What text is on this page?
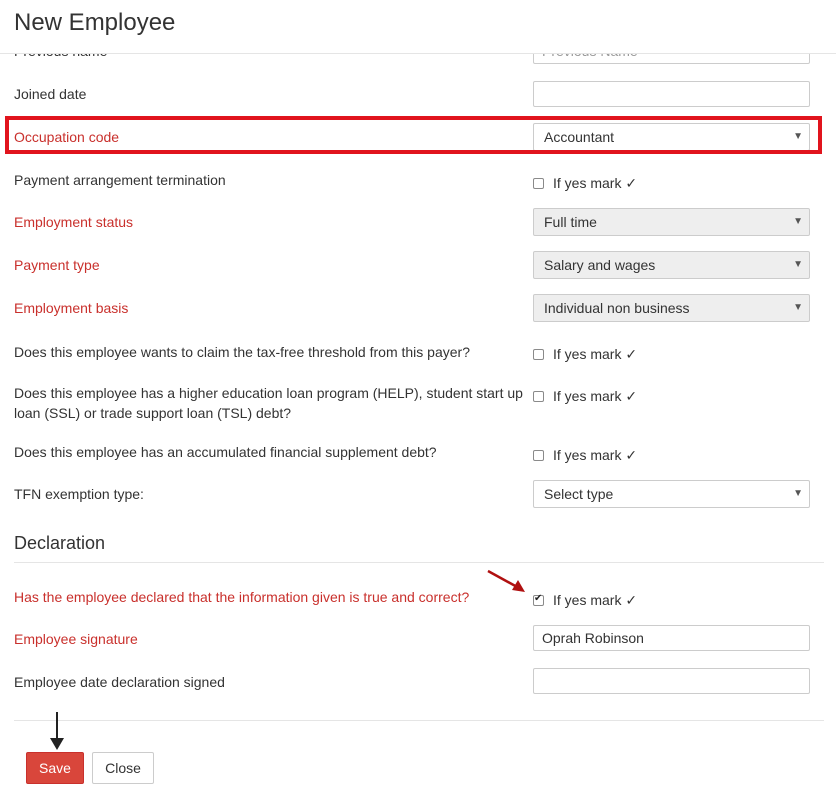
Joined date
Occupation code	Accountant	▼
Payment arrangement termination	If yes mark ✓
Employment status	Full time	▼
Payment type	Salary and wages	▼
Employment basis	Individual non business	▼
Does this employee wants to claim the tax-free threshold from this payer?	If yes mark ✓
Does this employee has a higher education loan program (HELP), student start up loan (SSL) or trade support loan (TSL) debt?
If yes mark ✓
Does this employee has an accumulated financial supplement debt?	If yes mark ✓
TFN exemption type:	Select type	▼
Declaration
Has the employee declared that the information given is true and correct?
✔	If yes mark ✓
Employee signature	Oprah Robinson
Employee date declaration signed
Save	Close
New Employee
